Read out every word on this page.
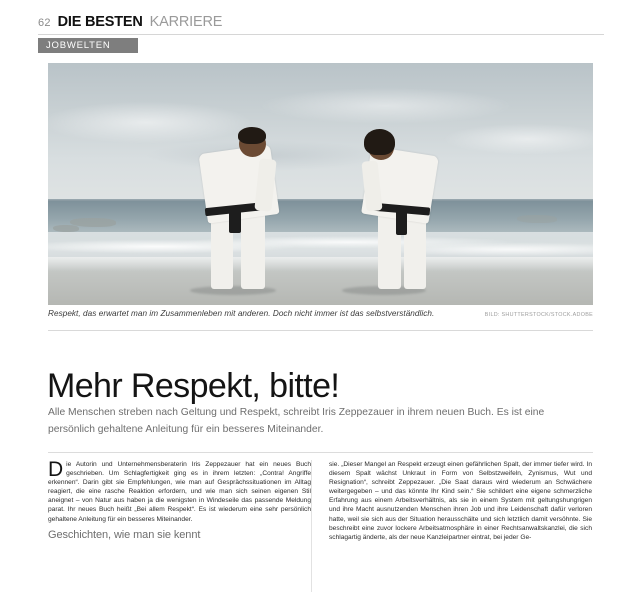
62 DIE BESTEN KARRIERE
JOBWELTEN
Respekt, das erwartet man im Zusammenleben mit anderen. Doch nicht immer ist das selbstverständlich.	BILD: SHUTTERSTOCK/STOCK.ADOBE
Mehr Respekt, bitte!
Alle Menschen streben nach Geltung und Respekt, schreibt Iris Zeppezauer in ihrem neuen Buch. Es ist eine persönlich gehaltene Anleitung für ein besseres Miteinander.

Die Autorin und Unternehmensberaterin Iris Zeppezauer hat ein neues Buch geschrieben. Um Schlagfertigkeit ging es in ihrem letzten: „Contra! Angriffe erkennen“. Darin gibt sie Empfehlungen, wie man auf Gesprächssituationen im Alltag reagiert, die eine rasche Reaktion erfordern, und wie man sich seinen eigenen Stil aneignet – von Natur aus haben ja die wenigsten in Windeseile das passende Meldung parat. Ihr neues Buch heißt „Bei allem Respekt“. Es ist wiederum eine sehr persönlich gehaltene Anleitung für ein besseres Miteinander.

Geschichten, wie man sie kennt

sie. „Dieser Mangel an Respekt erzeugt einen gefährlichen Spalt, der immer tiefer wird. In diesem Spalt wächst Unkraut in Form von Selbstzweifeln, Zynismus, Wut und Resignation“, schreibt Zeppezauer. „Die Saat daraus wird wiederum an Schwächere weitergegeben – und das könnte Ihr Kind sein.“ Sie schildert eine eigene schmerzliche Erfahrung aus einem Arbeitsverhältnis, als sie in einem System mit geltungshungrigen und ihre Macht ausnutzenden Menschen ihren Job und ihre Leidenschaft dafür verloren hatte, weil sie sich aus der Situation herausschälte und sich letztlich damit versöhnte. Sie beschreibt eine zuvor lockere Arbeitsatmosphäre in einer Rechtsanwaltskanzlei, die sich schlagartig änderte, als der neue Kanzleipartner eintrat, bei jeder Ge-
